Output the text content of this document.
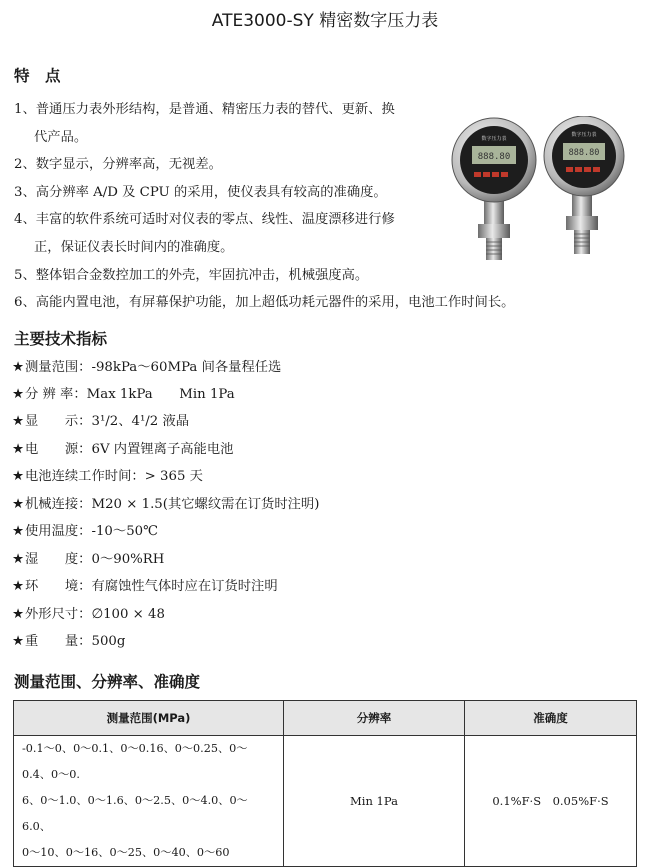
ATE3000-SY 精密数字压力表
特　点

1、普通压力表外形结构，是普通、精密压力表的替代、更新、换
代产品。

2、数字显示，分辨率高，无视差。

3、高分辨率 A/D 及 CPU 的采用，使仪表具有较高的准确度。

4、丰富的软件系统可适时对仪表的零点、线性、温度漂移进行修
正，保证仪表长时间内的准确度。

5、整体铝合金数控加工的外壳，牢固抗冲击，机械强度高。

6、高能内置电池，有屏幕保护功能，加上超低功耗元器件的采用，电池工作时间长。

数字压力表
888.80
数字压力表
888.80
主要技术指标
★测量范围：-98kPa～60MPa 间各量程任选
★分 辨 率：Max 1kPa　　Min 1Pa
★显　　示：3¹/2、4¹/2 液晶
★电　　源：6V 内置锂离子高能电池
★电池连续工作时间：> 365 天
★机械连接：M20 × 1.5(其它螺纹需在订货时注明)
★使用温度：-10～50℃
★湿　　度：0～90%RH
★环　　境：有腐蚀性气体时应在订货时注明
★外形尺寸：∅100 × 48
★重　　量：500g
测量范围、分辨率、准确度
测量范围(MPa)	分辨率	准确度

-0.1～0、0～0.1、0～0.16、0～0.25、0～0.4、0～0.
6、0～1.0、0～1.6、0～2.5、0～4.0、0～6.0、
0～10、0～16、0～25、0～40、0～60	Min 1Pa	0.1%F·S　0.05%F·S
